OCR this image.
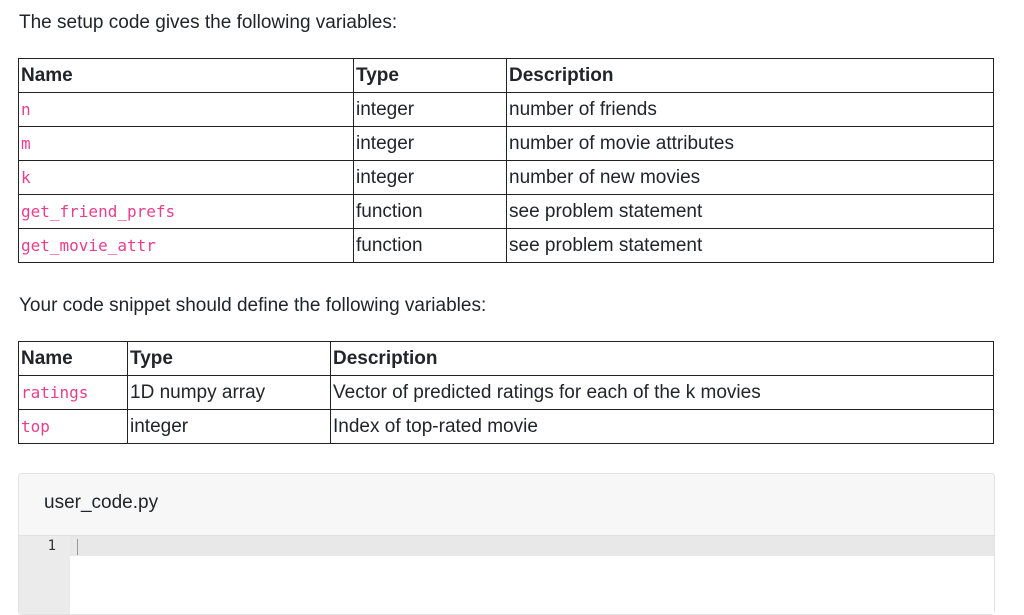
The setup code gives the following variables:

Name	Type	Description
n	integer	number of friends
m	integer	number of movie attributes
k	integer	number of new movies
get_friend_prefs	function	see problem statement
get_movie_attr	function	see problem statement

Your code snippet should define the following variables:

Name	Type	Description
ratings	1D numpy array	Vector of predicted ratings for each of the k movies
top	integer	Index of top-rated movie
user_code.py
1
